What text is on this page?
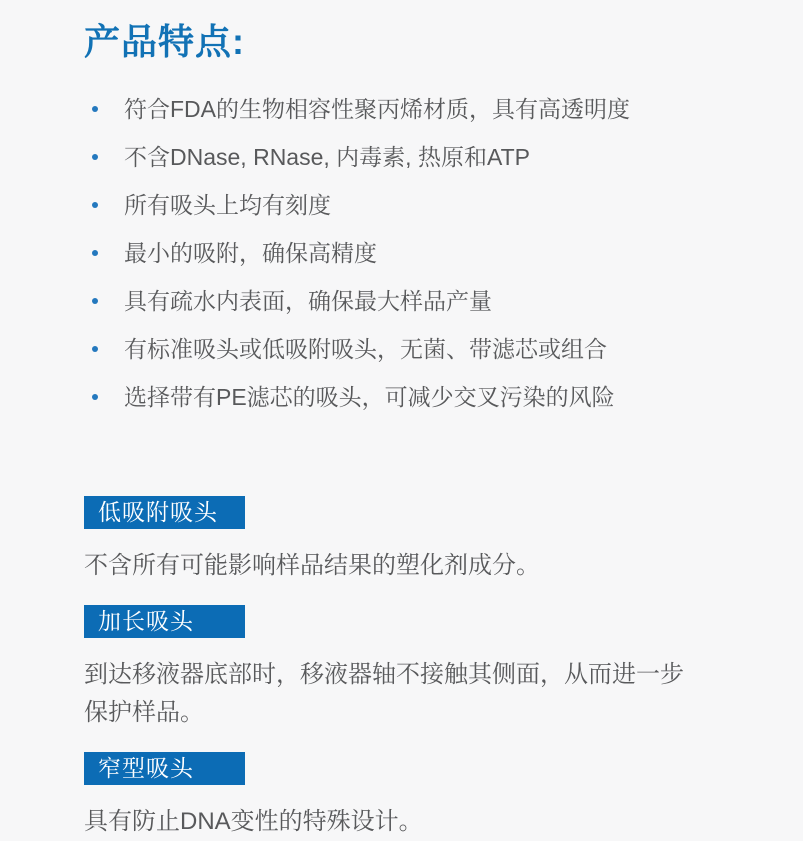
产品特点:
符合FDA的生物相容性聚丙烯材质，具有高透明度
不含DNase, RNase, 内毒素, 热原和ATP
所有吸头上均有刻度
最小的吸附，确保高精度
具有疏水内表面，确保最大样品产量
有标准吸头或低吸附吸头，无菌、带滤芯或组合
选择带有PE滤芯的吸头，可减少交叉污染的风险
低吸附吸头

不含所有可能影响样品结果的塑化剂成分。

加长吸头

到达移液器底部时，移液器轴不接触其侧面，从而进一步保护样品。

窄型吸头

具有防止DNA变性的特殊设计。
